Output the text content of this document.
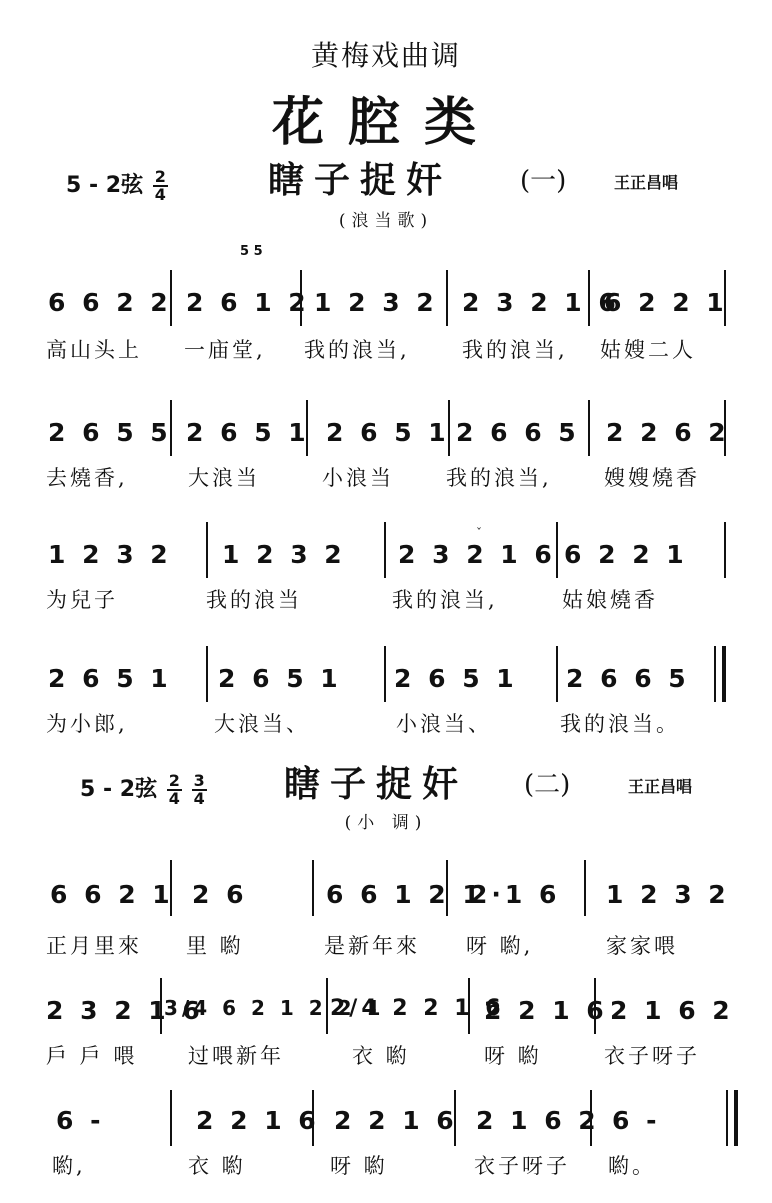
黄梅戏曲调
花腔类
5 - 2弦 $\frac{2}{4}$	瞎子捉奸	(一)	王正昌唱
(浪当歌)
5 5
6 6 2 2 2 6 1 2 1 2 3 2 2 3 2 1 6
6 2 2 1
高山头上 一庙堂, 我的浪当, 我的浪当, 姑嫂二人
2 6 5 5 2 6 5 1 2 6 5 1 2 6 6 5 2 2 6 2
去燒香,	大浪当	小浪当 我的浪当, 嫂嫂燒香
1 2 3 2 1 2 3 2 2 3 2 1 6 6 2 2 1
ˇ
为兒子	我的浪当	我的浪当,	姑娘燒香
2 6 5 1 2 6 5 1 2 6 5 1 2 6 6 5
为小郎,	大浪当、	小浪当、	我的浪当。
5 - 2弦 $\frac{2}{4}$
$\frac{3}{4}$ 瞎子捉奸 (二)	王正昌唱
(小 调)
6 6 2 1 2 6	6 6 1 2 1
2·1 6 1 2 3 2
正月里來 里 喲	是新年來 呀 喲,	家家喂
2 3 2 1 6
3/4 6 2 1 2 2 1
2/4 2 2 1 6
2 2 1 6 2 1 6 2
戶 戶 喂 过喂新年	衣 喲	呀 喲	衣子呀子
6 -	2 2 1 6 2 2 1 6 2 1 6 2 6 -
喲,	衣 喲	呀 喲	衣子呀子 喲。
